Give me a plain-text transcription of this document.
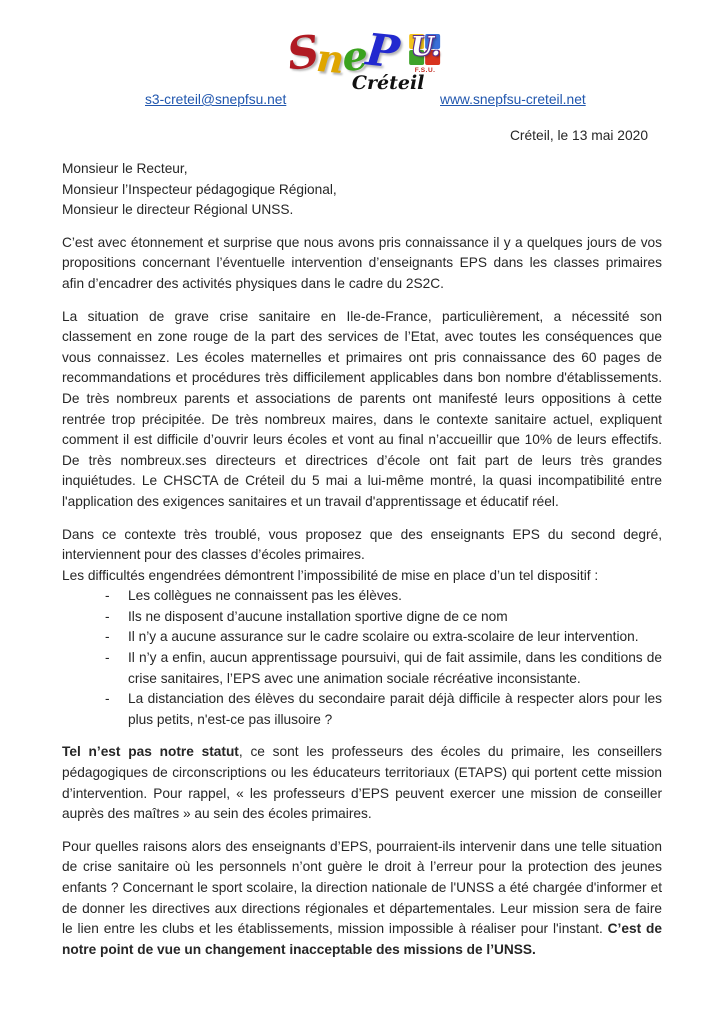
SneP U.
F.S.U.
Créteil
s3-creteil@snepfsu.net	www.snepfsu-creteil.net
Créteil, le 13 mai 2020
Monsieur le Recteur,
Monsieur l’Inspecteur pédagogique Régional,
Monsieur le directeur Régional UNSS.

C’est avec étonnement et surprise que nous avons pris connaissance il y a quelques jours de vos propositions concernant l’éventuelle intervention d’enseignants EPS dans les classes primaires afin d’encadrer des activités physiques dans le cadre du 2S2C.

La situation de grave crise sanitaire en Ile-de-France, particulièrement, a nécessité son classement en zone rouge de la part des services de l’Etat, avec toutes les conséquences que vous connaissez. Les écoles maternelles et primaires ont pris connaissance des 60 pages de recommandations et procédures très difficilement applicables dans bon nombre d'établissements. De très nombreux parents et associations de parents ont manifesté leurs oppositions à cette rentrée trop précipitée. De très nombreux maires, dans le contexte sanitaire actuel, expliquent comment il est difficile d’ouvrir leurs écoles et vont au final n’accueillir que 10% de leurs effectifs. De très nombreux.ses directeurs et directrices d’école ont fait part de leurs très grandes inquiétudes. Le CHSCTA de Créteil du 5 mai a lui-même montré, la quasi incompatibilité entre l'application des exigences sanitaires et un travail d'apprentissage et éducatif réel.

Dans ce contexte très troublé, vous proposez que des enseignants EPS du second degré, interviennent pour des classes d’écoles primaires.

Les difficultés engendrées démontrent l’impossibilité de mise en place d’un tel dispositif :

-	Les collègues ne connaissent pas les élèves.
-	Ils ne disposent d’aucune installation sportive digne de ce nom
-	Il n’y a aucune assurance sur le cadre scolaire ou extra-scolaire de leur intervention.
-	Il n’y a enfin, aucun apprentissage poursuivi, qui de fait assimile, dans les conditions de crise sanitaires, l’EPS avec une animation sociale récréative inconsistante.
-	La distanciation des élèves du secondaire parait déjà difficile à respecter alors pour les plus petits, n'est-ce pas illusoire ?

Tel n’est pas notre statut, ce sont les professeurs des écoles du primaire, les conseillers pédagogiques de circonscriptions ou les éducateurs territoriaux (ETAPS) qui portent cette mission d’intervention. Pour rappel, « les professeurs d’EPS peuvent exercer une mission de conseiller auprès des maîtres » au sein des écoles primaires.

Pour quelles raisons alors des enseignants d’EPS, pourraient-ils intervenir dans une telle situation de crise sanitaire où les personnels n’ont guère le droit à l’erreur pour la protection des jeunes enfants ? Concernant le sport scolaire, la direction nationale de l'UNSS a été chargée d'informer et de donner les directives aux directions régionales et départementales. Leur mission sera de faire le lien entre les clubs et les établissements, mission impossible à réaliser pour l'instant. C’est de notre point de vue un changement inacceptable des missions de l’UNSS.
